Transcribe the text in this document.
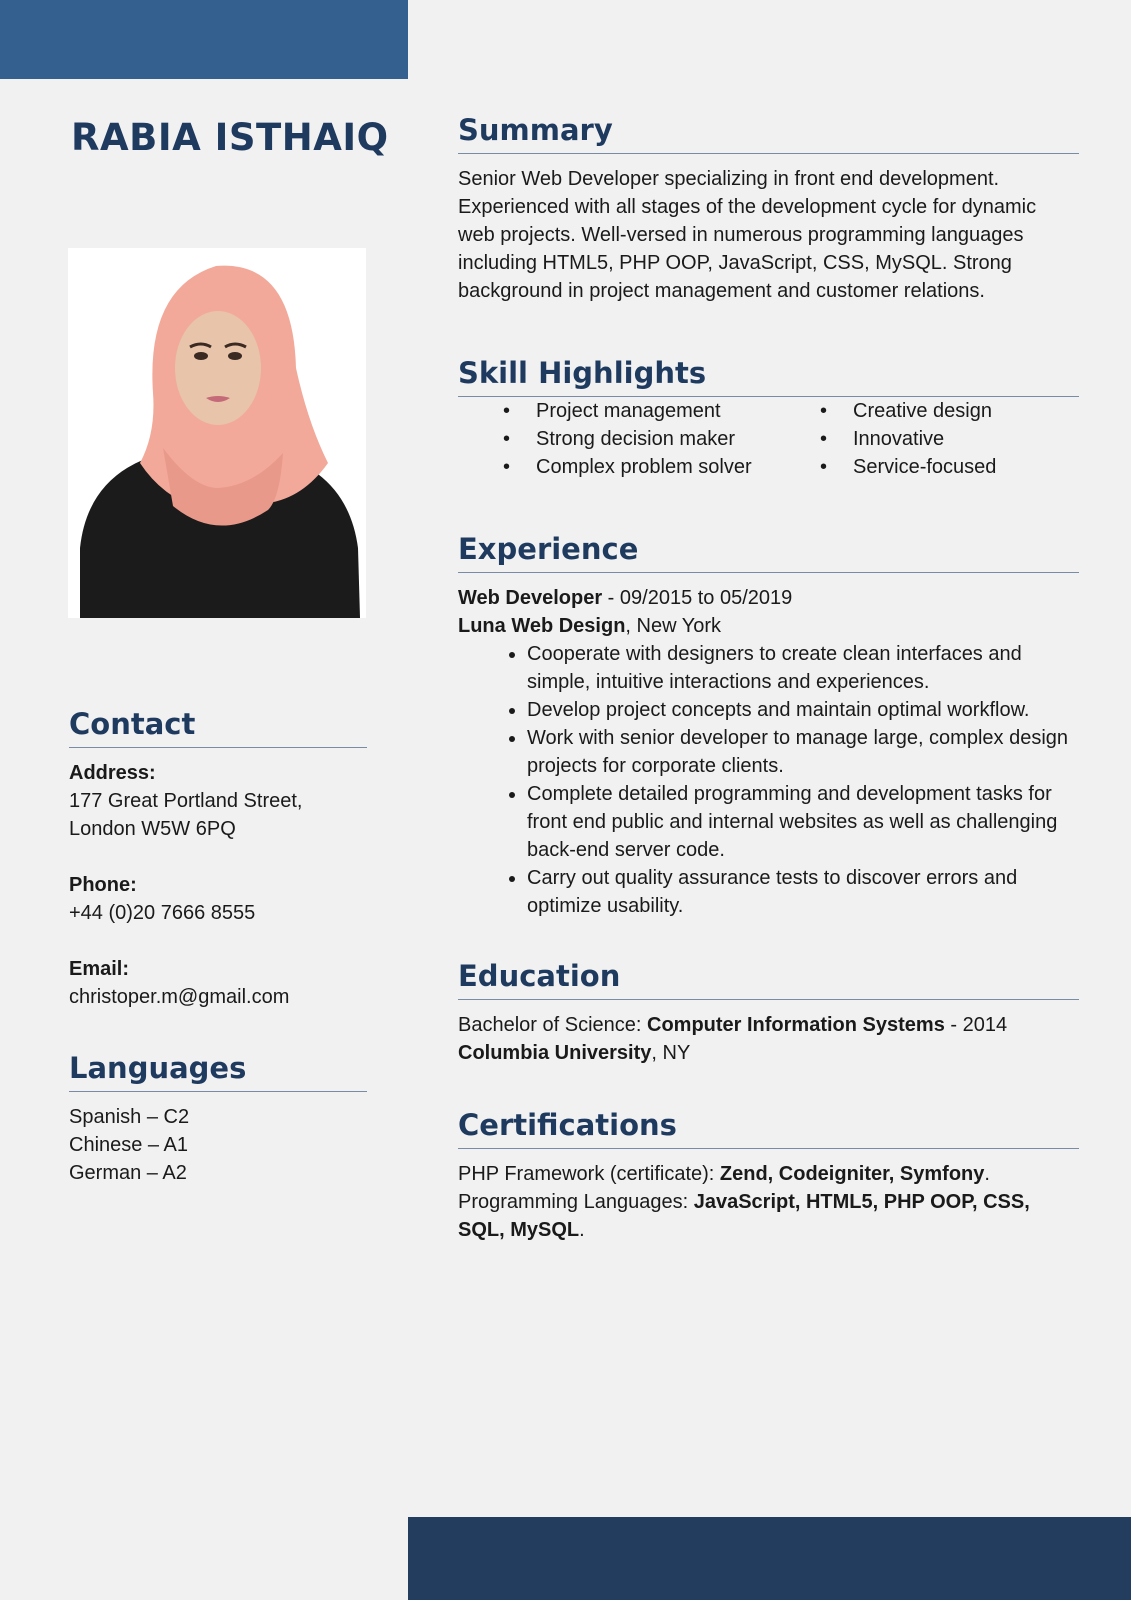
RABIA ISTHAIQ
Contact
Address:
177 Great Portland Street,
London W5W 6PQ
Phone:
+44 (0)20 7666 8555
Email:
christoper.m@gmail.com
Languages
Spanish – C2
Chinese – A1
German – A2
Summary
Senior Web Developer specializing in front end development. Experienced with all stages of the development cycle for dynamic web projects. Well-versed in numerous programming languages including HTML5, PHP OOP, JavaScript, CSS, MySQL. Strong background in project management and customer relations.
Skill Highlights
• Project management	• Creative design
• Strong decision maker	• Innovative
• Complex problem solver	• Service-focused
Experience
Web Developer - 09/2015 to 05/2019
Luna Web Design, New York
• Cooperate with designers to create clean interfaces and simple, intuitive interactions and experiences.
• Develop project concepts and maintain optimal workflow.
• Work with senior developer to manage large, complex design projects for corporate clients.
• Complete detailed programming and development tasks for front end public and internal websites as well as challenging back-end server code.
• Carry out quality assurance tests to discover errors and optimize usability.
Education
Bachelor of Science: Computer Information Systems - 2014
Columbia University, NY
Certifications
PHP Framework (certificate): Zend, Codeigniter, Symfony.
Programming Languages: JavaScript, HTML5, PHP OOP, CSS, SQL, MySQL.
